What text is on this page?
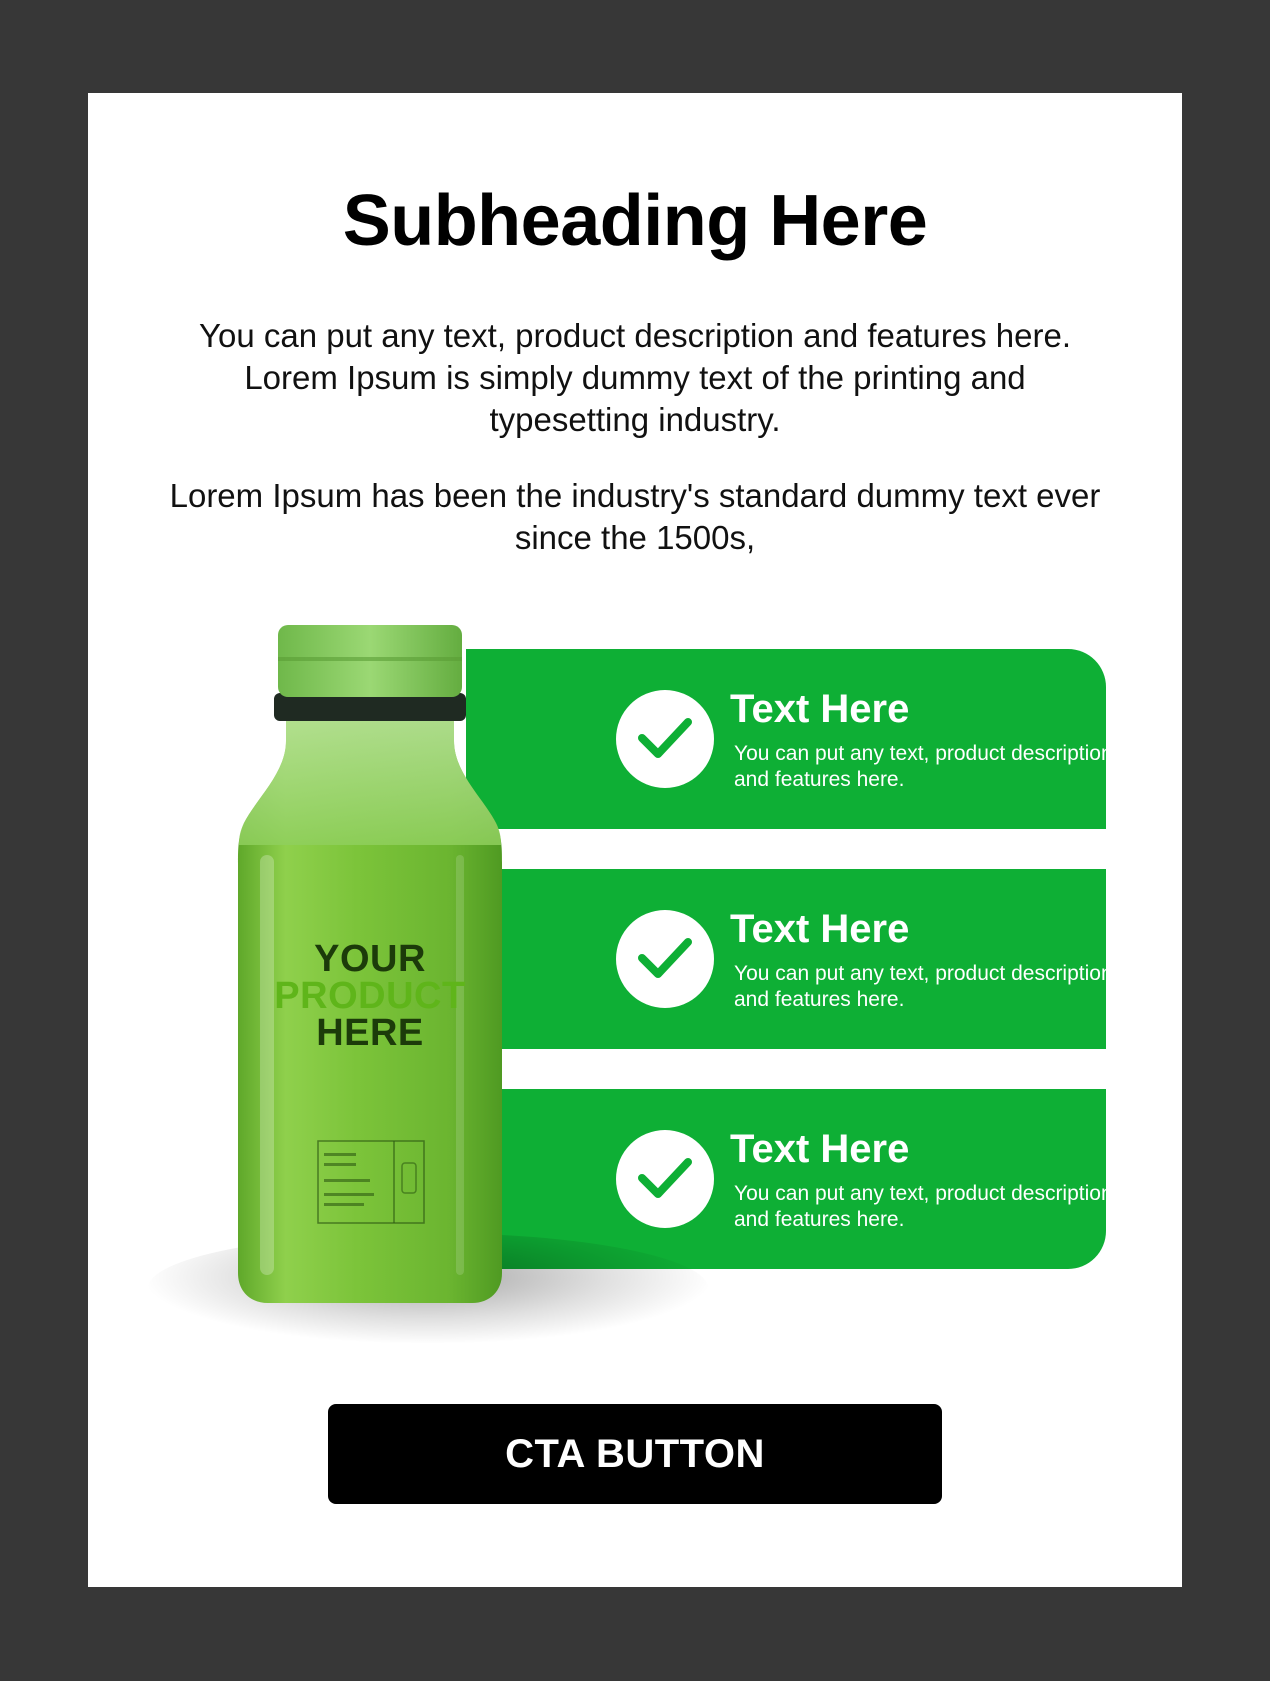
Subheading Here

You can put any text, product description and features here. Lorem Ipsum is simply dummy text of the printing and typesetting industry.

Lorem Ipsum has been the industry's standard dummy text ever since the 1500s,

Text Here
You can put any text, product description and features here.
Text Here
You can put any text, product description and features here.
Text Here
You can put any text, product description and features here.
YOUR
PRODUCT
HERE
CTA BUTTON
